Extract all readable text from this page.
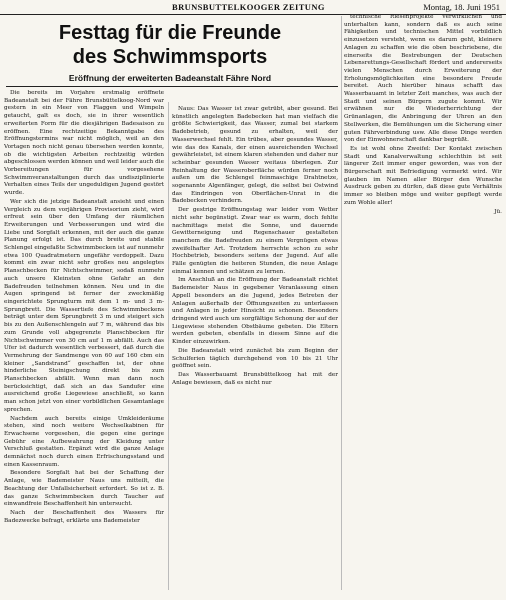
BRUNSBUTTELKOOGER ZEITUNG	Montag, 18. Juni 1951
Festtag für die Freunde
des Schwimmsports
Eröffnung der erweiterten Badeanstalt Fähre Nord

Die bereits im Vorjahre erstmalig eröffnete Badeanstalt bei der Fähre Brunsbüttelkoog-Nord war gestern in ein Meer von Flaggen und Wimpeln getaucht, galt es doch, sie in ihrer wesentlich erweiterten Form für die diesjährigen Badesaison zu eröffnen. Eine rechtzeitige Bekanntgabe des Eröffnungstermins war nicht möglich, weil an den Vortagen noch nicht genau übersehen werden konnte, ob die wichtigsten Arbeiten rechtzeitig würden abgeschlossen werden können und weil leider auch die Vorbereitungen für vorgesehene Schwimmveranstaltungen durch das undisziplinierte Verhalten eines Teils der ungeduldigen Jugend gestört wurde.

Wer sich die jetzige Badeanstalt ansieht und einen Vergleich zu dem vorjährigen Provisorium zieht, wird erfreut sein über den Umfang der räumlichen Erweiterungen und Verbesserungen und wird die Liebe und Sorgfalt erkennen, mit der auch die ganze Planung erfolgt ist. Das durch breite und stabile Schlengel eingefaßte Schwimmbecken ist auf nunmehr etwa 100 Quadratmetern ungefähr verdoppelt. Dazu kommt ein zwar nicht sehr großes neu angelegtes Planschbecken für Nichtschwimmer, sodaß nunmehr auch unsere Kleinsten ohne Gefahr an den Badefreuden teilnehmen können. Neu und in die Augen springend ist ferner der zweckmäßig eingerichtete Sprungturm mit dem 1 m- und 3 m-Sprungbrett. Die Wassertiefe des Schwimmbeckens beträgt unter dem Sprungbrett 3 m und steigert sich bis zu den Außenschlengeln auf 7 m, während das bis zum Grunde voll abgegrenzte Planschbecken für Nichtschwimmer von 30 cm auf 1 m abfällt. Auch das Ufer ist dadurch wesentlich verbessert, daß durch die Vermehrung der Sandmenge von 60 auf 160 cbm ein kleiner „Sandstrand“ geschaffen ist, der ohne hinderliche Steinigschung direkt bis zum Planschbecken abfällt. Wenn man dann noch berücksichtigt, daß sich an das Sandufer eine ausreichend große Liegewiese anschließt, so kann man schon jetzt von einer vorbildlichen Gesamtanlage sprechen.

Nachdem auch bereits einige Umkleideräume stehen, sind noch weitere Wechselkabinen für Erwachsene vorgesehen, die gegen eine geringe Gebühr eine Aufbewahrung der Kleidung unter Verschluß gestatten. Ergänzt wird die ganze Anlage demnächst noch durch einen Erfrischungsstand und einen Kassenraum.

Besondere Sorgfalt hat bei der Schaffung der Anlage, wie Bademeister Naus uns mitteilt, die Beachtung der Unfallsicherheit erfordert. So ist z. B. das ganze Schwimmbecken durch Taucher auf einwandfreie Beschaffenheit hin untersucht.

Nach der Beschaffenheit des Wassers für Badezwecke befragt, erklärte uns Bademeister

Naus: Das Wasser ist zwar getrübt, aber gesund. Bei künstlich angelegten Badebecken hat man vielfach die größte Schwierigkeit, das Wasser, zumal bei starkem Badebetrieb, gesund zu erhalten, weil der Wasserwechsel fehlt. Ein trübes, aber gesundes Wasser, wie das des Kanals, der einen ausreichenden Wechsel gewährleistet, ist einem klaren stehenden und daher nur scheinbar gesunden Wasser weitaus überlegen. Zur Reinhaltung der Wasseroberfläche würden ferner noch außen um die Schlengel feinmaschige Drahtnetze, sogenannte Algenfänger, gelegt, die selbst bei Ostwind das Eindringen von Oberflächen-Unrat in die Badebecken verhindern.

Der gestrige Eröffnungstag war leider vom Wetter nicht sehr begünstigt. Zwar war es warm, doch fehlte nachmittags meist die Sonne, und dauernde Gewitterneigung und Regenschauer gestalteten manchem die Badefreuden zu einem Vergnügen etwas zweifelhafter Art. Trotzdem herrschte schon zu sehr Hochbetrieb, besonders seitens der Jugend. Auf alle Fälle genügten die heiteren Stunden, die neue Anlage einmal kennen und schätzen zu lernen.

Im Anschluß an die Eröffnung der Badeanstalt richtet Bademeister Naus in gegebener Veranlassung einen Appell besonders an die Jugend, jedes Betreten der Anlagen außerhalb der Öffnungszeiten zu unterlassen und Anlagen in jeder Hinsicht zu schonen. Besonders dringend wird auch um sorgfältige Schonung der auf der Liegewiese stehenden Obstbäume gebeten. Die Eltern werden gebeten, ebenfalls in diesem Sinne auf die Kinder einzuwirken.

Die Badeanstalt wird zunächst bis zum Beginn der Schulferien täglich durchgehend von 10 bis 21 Uhr geöffnet sein.

Das Wasserbauamt Brunsbüttelkoog hat mit der Anlage bewiesen, daß es nicht nur

technische Riesenprojekte verwirklichen und unterhalten kann, sondern daß es auch seine Fähigkeiten und technischen Mittel vorbildlich einzusetzen versteht, wenn es darum geht, kleinere Anlagen zu schaffen wie die oben beschriebene, die einerseits die Bestrebungen der Deutschen Lebensrettungs-Gesellschaft fördert und andererseits vielen Menschen durch Erweiterung der Erholungsmöglichkeiten eine besondere Freude bereitet. Auch hierüber hinaus schafft das Wasserbauamt in letzter Zeit manches, was auch der Stadt und seinen Bürgern zugute kommt. Wir erwähnen nur die Wiederherrichtung der Grünanlagen, die Anbringung der Uhren an den Stellwerken, die Bemühungen um die Sicherung einer guten Fährverbindung usw. Alle diese Dinge werden von der Einwohnerschaft dankbar begrüßt.

Es ist wohl ohne Zweifel: Der Kontakt zwischen Stadt und Kanalverwaltung schlechthin ist seit längerer Zeit immer enger geworden, was von der Bürgerschaft mit Befriedigung vermerkt wird. Wir glauben im Namen aller Bürger den Wunsche Ausdruck geben zu dürfen, daß diese gute Verhältnis immer so bleiben möge und weiter gepflegt werde zum Wohle aller!

Jü.
